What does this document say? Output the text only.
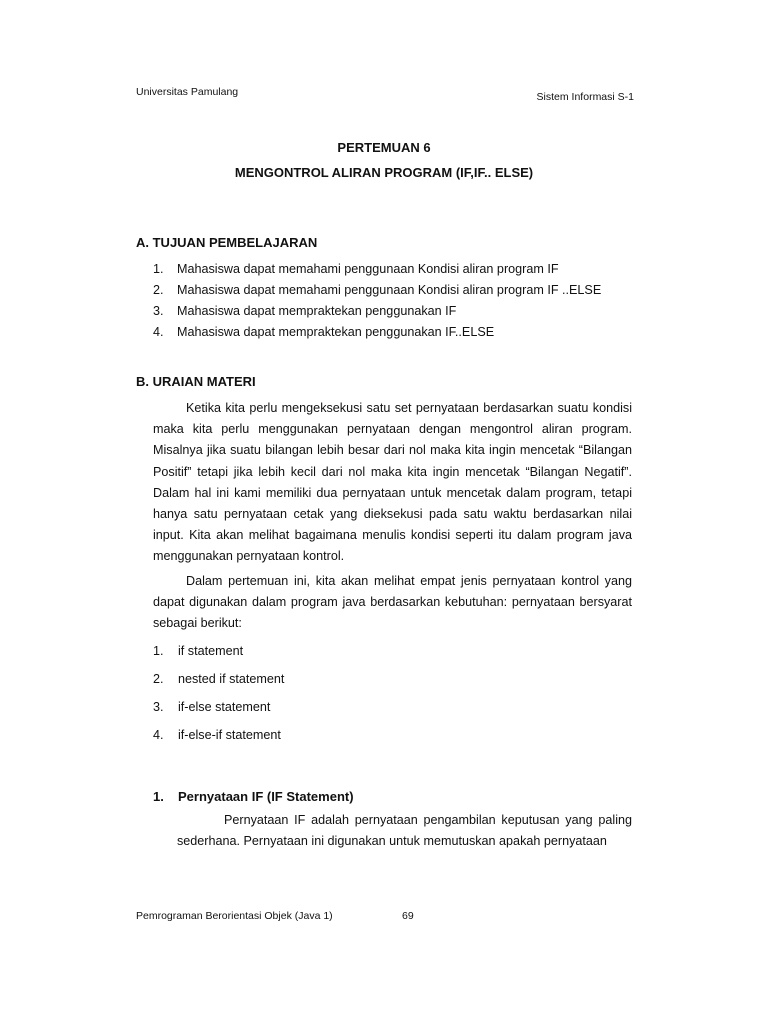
Universitas Pamulang	Sistem Informasi S-1
PERTEMUAN 6
MENGONTROL ALIRAN PROGRAM (IF,IF.. ELSE)
A. TUJUAN PEMBELAJARAN
1.	Mahasiswa dapat memahami penggunaan Kondisi aliran program IF
2.	Mahasiswa dapat memahami penggunaan Kondisi aliran program IF ..ELSE
3.	Mahasiswa dapat mempraktekan penggunakan IF
4.	Mahasiswa dapat mempraktekan penggunakan IF..ELSE
B. URAIAN MATERI

Ketika kita perlu mengeksekusi satu set pernyataan berdasarkan suatu kondisi maka kita perlu menggunakan pernyataan dengan mengontrol aliran program. Misalnya jika suatu bilangan lebih besar dari nol maka kita ingin mencetak “Bilangan Positif” tetapi jika lebih kecil dari nol maka kita ingin mencetak “Bilangan Negatif”. Dalam hal ini kami memiliki dua pernyataan untuk mencetak dalam program, tetapi hanya satu pernyataan cetak yang dieksekusi pada satu waktu berdasarkan nilai input. Kita akan melihat bagaimana menulis kondisi seperti itu dalam program java menggunakan pernyataan kontrol.

Dalam pertemuan ini, kita akan melihat empat jenis pernyataan kontrol yang dapat digunakan dalam program java berdasarkan kebutuhan: pernyataan bersyarat sebagai berikut:

1.	if statement
2.	nested if statement
3.	if-else statement
4.	if-else-if statement
1.	Pernyataan IF (IF Statement)

Pernyataan IF adalah pernyataan pengambilan keputusan yang paling sederhana. Pernyataan ini digunakan untuk memutuskan apakah pernyataan

Pemrograman Berorientasi Objek (Java 1)	69
